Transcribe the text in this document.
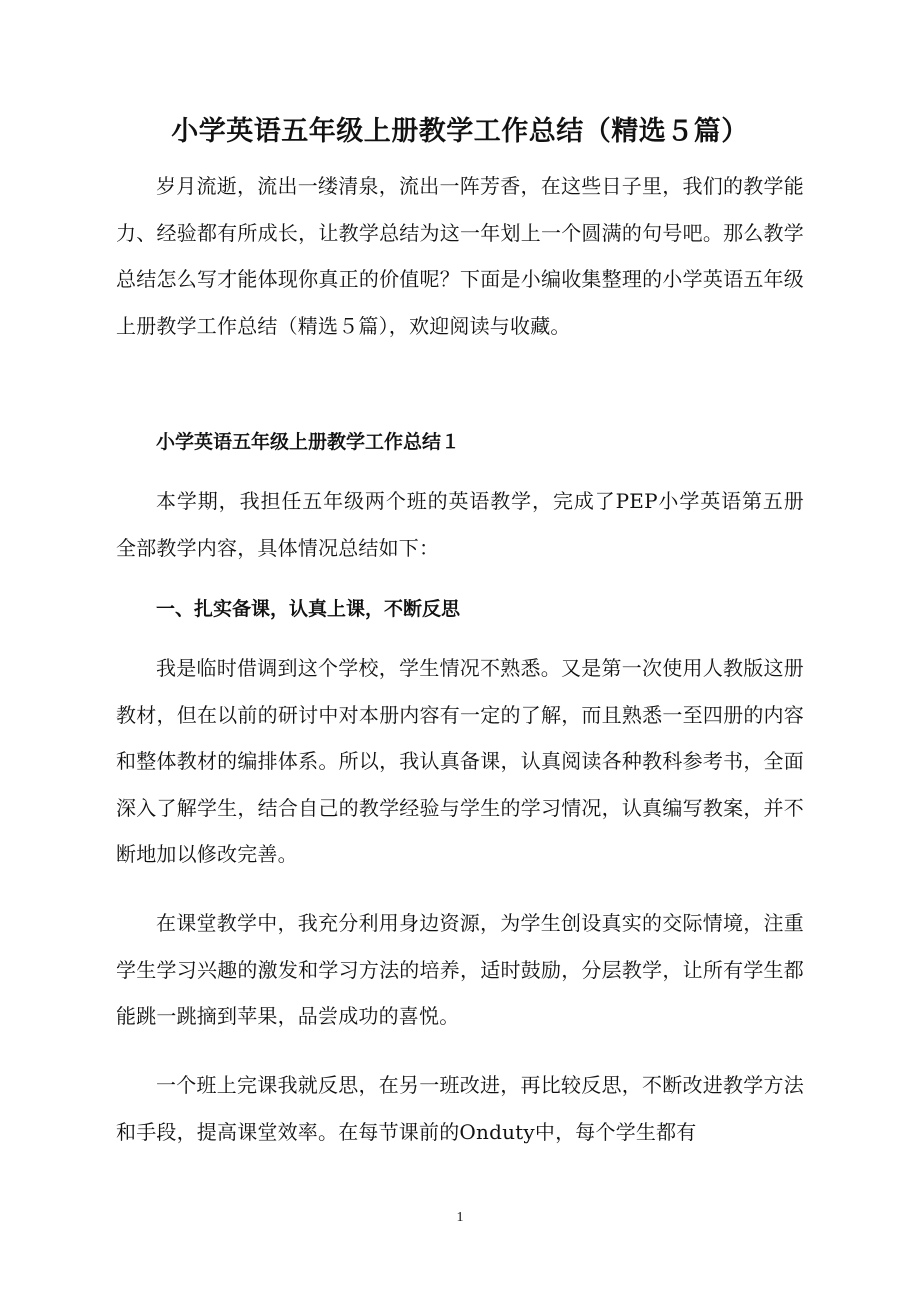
小学英语五年级上册教学工作总结（精选５篇）

岁月流逝，流出一缕清泉，流出一阵芳香，在这些日子里，我们的教学能力、经验都有所成长，让教学总结为这一年划上一个圆满的句号吧。那么教学总结怎么写才能体现你真正的价值呢？下面是小编收集整理的小学英语五年级上册教学工作总结（精选５篇），欢迎阅读与收藏。

小学英语五年级上册教学工作总结１

本学期，我担任五年级两个班的英语教学，完成了PEP小学英语第五册全部教学内容，具体情况总结如下：

一、扎实备课，认真上课，不断反思

我是临时借调到这个学校，学生情况不熟悉。又是第一次使用人教版这册教材，但在以前的研讨中对本册内容有一定的了解，而且熟悉一至四册的内容和整体教材的编排体系。所以，我认真备课，认真阅读各种教科参考书，全面深入了解学生，结合自己的教学经验与学生的学习情况，认真编写教案，并不断地加以修改完善。

在课堂教学中，我充分利用身边资源，为学生创设真实的交际情境，注重学生学习兴趣的激发和学习方法的培养，适时鼓励，分层教学，让所有学生都能跳一跳摘到苹果，品尝成功的喜悦。

一个班上完课我就反思，在另一班改进，再比较反思，不断改进教学方法和手段，提高课堂效率。在每节课前的Onduty中，每个学生都有

1
